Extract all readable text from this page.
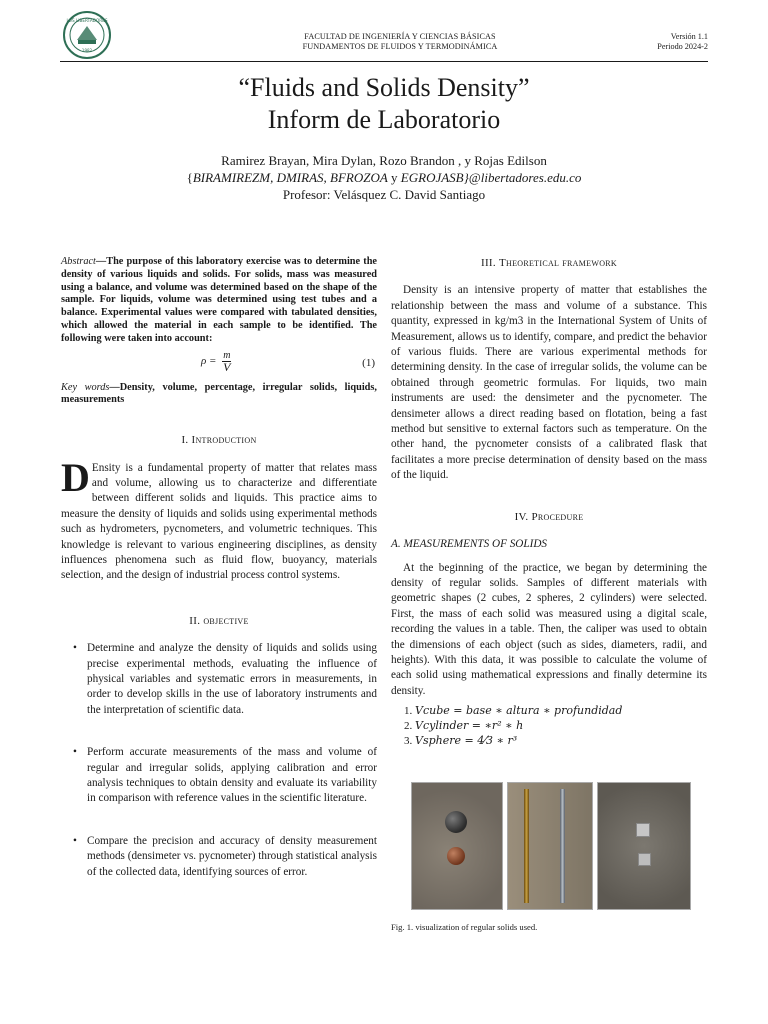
LOS LIBERTADORES
1982
FACULTAD DE INGENIERÍA Y CIENCIAS BÁSICAS
FUNDAMENTOS DE FLUIDOS Y TERMODINÁMICA
Versión 1.1
Periodo 2024-2
“Fluids and Solids Density”
Inform de Laboratorio
Ramirez Brayan, Mira Dylan, Rozo Brandon , y Rojas Edilson
{BIRAMIREZM, DMIRAS, BFROZOA y EGROJASB}@libertadores.edu.co
Profesor: Velásquez C. David Santiago
Abstract—The purpose of this laboratory exercise was to determine the density of various liquids and solids. For solids, mass was measured using a balance, and volume was determined based on the shape of the sample. For liquids, volume was determined using test tubes and a balance. Experimental values were compared with tabulated densities, which allowed the material in each sample to be identified. The following were taken into account:
$\rho = \frac{m}{V}$	(1)
Key words—Density, volume, percentage, irregular solids, liquids, measurements
I. Introduction

D Ensity is a fundamental property of matter that relates mass and volume, allowing us to characterize and differentiate between different solids and liquids. This practice aims to measure the density of liquids and solids using experimental methods such as hydrometers, pycnometers, and volumetric techniques. This knowledge is relevant to various engineering disciplines, as density influences phenomena such as fluid flow, buoyancy, materials selection, and the design of industrial process control systems.

II. objective
• Determine and analyze the density of liquids and solids using precise experimental methods, evaluating the influence of physical variables and systematic errors in measurements, in order to develop skills in the use of laboratory instruments and the interpretation of scientific data.
• Perform accurate measurements of the mass and volume of regular and irregular solids, applying calibration and error analysis techniques to obtain density and evaluate its variability in comparison with reference values in the scientific literature.
• Compare the precision and accuracy of density measurement methods (densimeter vs. pycnometer) through statistical analysis of the collected data, identifying sources of error.
III. Theoretical framework

Density is an intensive property of matter that establishes the relationship between the mass and volume of a substance. This quantity, expressed in kg/m3 in the International System of Units of Measurement, allows us to identify, compare, and predict the behavior of various fluids. There are various experimental methods for determining density. In the case of irregular solids, the volume can be obtained through geometric formulas. For liquids, two main instruments are used: the densimeter and the pycnometer. The densimeter allows a direct reading based on flotation, being a fast method but sensitive to external factors such as temperature. On the other hand, the pycnometer consists of a calibrated flask that facilitates a more precise determination of density based on the mass of the liquid.

IV. Procedure
A. MEASUREMENTS OF SOLIDS

At the beginning of the practice, we began by determining the density of regular solids. Samples of different materials with geometric shapes (2 cubes, 2 spheres, 2 cylinders) were selected. First, the mass of each solid was measured using a digital scale, recording the values in a table. Then, the caliper was used to obtain the dimensions of each object (such as sides, diameters, radii, and heights). With this data, it was possible to calculate the volume of each solid using mathematical expressions and finally determine its density.

1. Vcube = base ∗ altura ∗ profundidad
2. Vcylinder = ∗r² ∗ h
3. Vsphere = 4⁄3 ∗ r³
Fig. 1. visualization of regular solids used.
